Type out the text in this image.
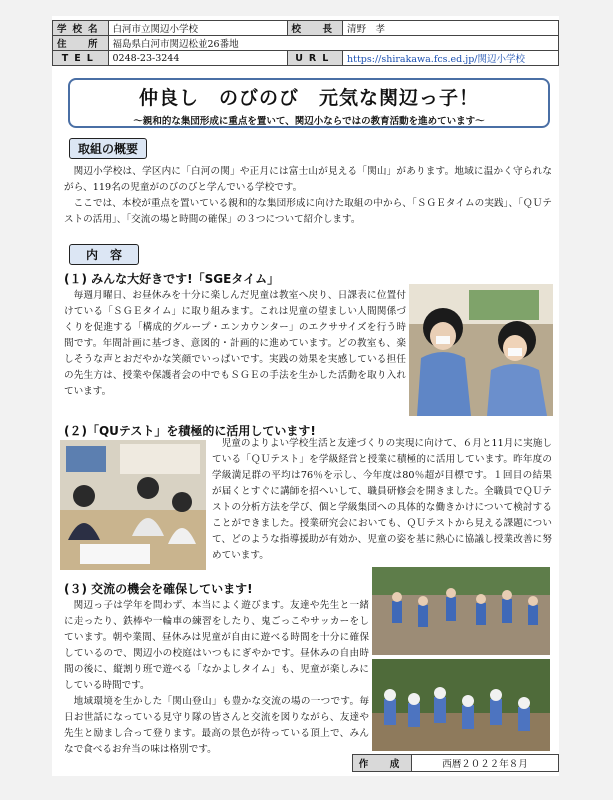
学校名	白河市立関辺小学校	校　長	清野　孝
住　所	福島県白河市関辺松並26番地		
TEL	0248-23-3244	URL	https://shirakawa.fcs.ed.jp/関辺小学校
仲良し　のびのび　元気な関辺っ子！
～親和的な集団形成に重点を置いて、関辺小ならではの教育活動を進めています～
取組の概要

関辺小学校は、学区内に「白河の関」や正月には富士山が見える「関山」があります。地域に温かく守られながら、119名の児童がのびのびと学んでいる学校です。

ここでは、本校が重点を置いている親和的な集団形成に向けた取組の中から、「ＳＧＥタイムの実践」、「ＱＵテストの活用」、「交流の場と時間の確保」の３つについて紹介します。

内　容
(１) みんな大好きです!「SGEタイム」

毎週月曜日、お昼休みを十分に楽しんだ児童は教室へ戻り、日課表に位置付けている「ＳＧＥタイム」に取り組みます。これは児童の望ましい人間関係づくりを促進する「構成的グループ・エンカウンター」のエクササイズを行う時間です。年間計画に基づき、意図的・計画的に進めています。どの教室も、楽しそうな声とおだやかな笑顔でいっぱいです。実践の効果を実感している担任の先生方は、授業や保護者会の中でもＳＧＥの手法を生かした活動を取り入れています。

(２)「QUテスト」を積極的に活用しています!

児童のよりよい学校生活と友達づくりの実現に向けて、６月と11月に実施している「ＱＵテスト」を学級経営と授業に積極的に活用しています。昨年度の学級満足群の平均は76％を示し、今年度は80％超が目標です。１回目の結果が届くとすぐに講師を招へいして、職員研修会を開きました。全職員でＱＵテストの分析方法を学び、個と学級集団への具体的な働きかけについて検討することができました。授業研究会においても、ＱＵテストから見える課題について、どのような指導援助が有効か、児童の姿を基に熱心に協議し授業改善に努めています。

(３) 交流の機会を確保しています!

関辺っ子は学年を問わず、本当によく遊びます。友達や先生と一緒に走ったり、鉄棒や一輪車の練習をしたり、鬼ごっこやサッカーをしています。朝や業間、昼休みは児童が自由に遊べる時間を十分に確保しているので、関辺小の校庭はいつもにぎやかです。昼休みの自由時間の後に、縦割り班で遊べる「なかよしタイム」も、児童が楽しみにしている時間です。

地域環境を生かした「関山登山」も豊かな交流の場の一つです。毎日お世話になっている見守り隊の皆さんと交流を図りながら、友達や先生と励まし合って登ります。最高の景色が待っている頂上で、みんなで食べるお弁当の味は格別です。

作　成	西暦２０２２年８月
